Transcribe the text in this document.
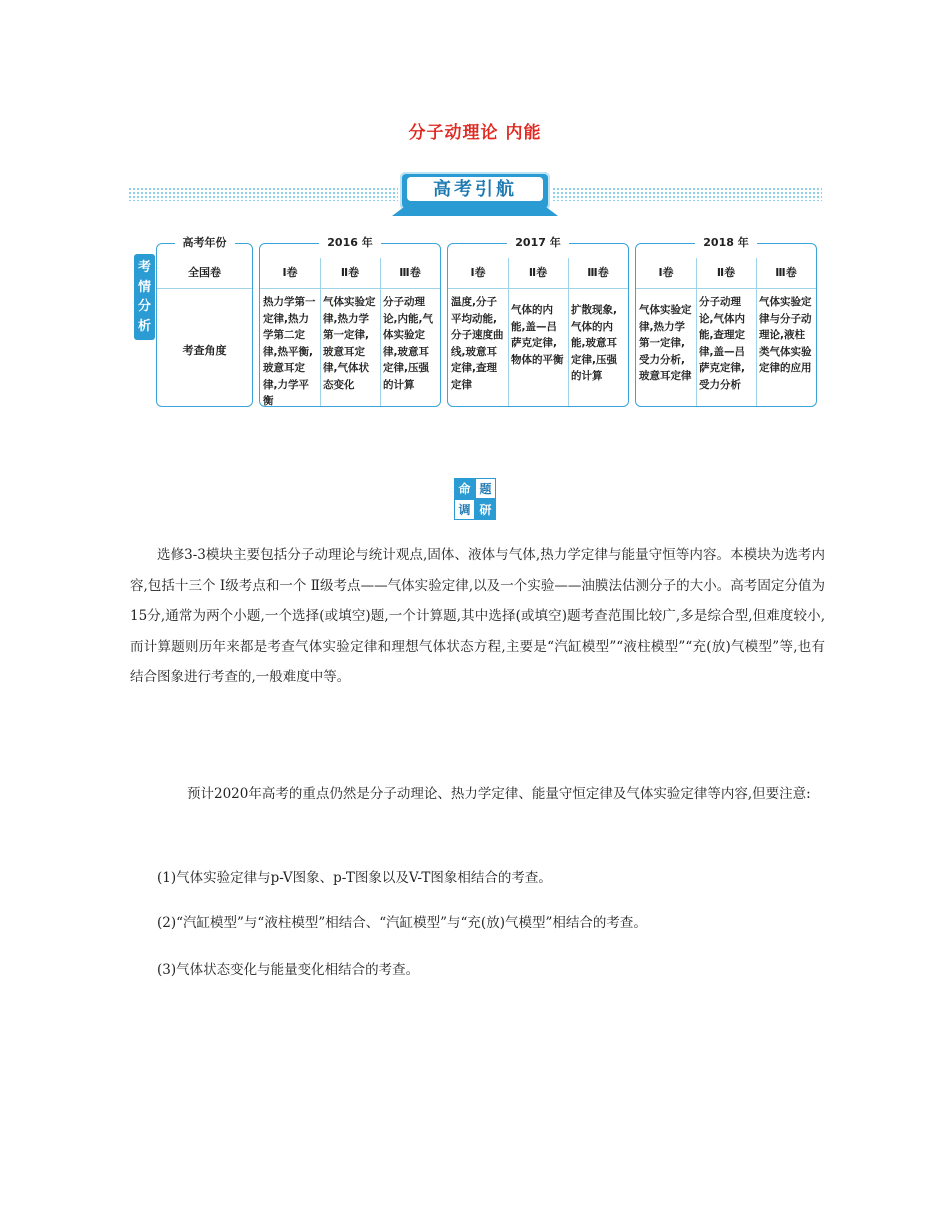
分子动理论 内能
高考引航
考
情
分
析
高考年份
全国卷
考查角度
2016 年
Ⅰ卷
热力学第一定律,热力学第二定律,热平衡,玻意耳定律,力学平衡
Ⅱ卷
气体实验定律,热力学第一定律,玻意耳定律,气体状态变化
Ⅲ卷
分子动理论,内能,气体实验定律,玻意耳定律,压强的计算
2017 年
Ⅰ卷
温度,分子平均动能,分子速度曲线,玻意耳定律,查理定律
Ⅱ卷
气体的内能,盖—吕萨克定律,物体的平衡
Ⅲ卷
扩散现象,气体的内能,玻意耳定律,压强的计算
2018 年
Ⅰ卷
气体实验定律,热力学第一定律,受力分析,玻意耳定律
Ⅱ卷
分子动理论,气体内能,查理定律,盖—吕萨克定律,受力分析
Ⅲ卷
气体实验定律与分子动理论,液柱类气体实验定律的应用
命 题
调 研
选修3-3模块主要包括分子动理论与统计观点,固体、液体与气体,热力学定律与能量守恒等内容。本模块为选考内容,包括十三个 Ⅰ级考点和一个 Ⅱ级考点——气体实验定律,以及一个实验——油膜法估测分子的大小。高考固定分值为15分,通常为两个小题,一个选择(或填空)题,一个计算题,其中选择(或填空)题考查范围比较广,多是综合型,但难度较小,而计算题则历年来都是考查气体实验定律和理想气体状态方程,主要是“汽缸模型”“液柱模型”“充(放)气模型”等,也有结合图象进行考查的,一般难度中等。
预计2020年高考的重点仍然是分子动理论、热力学定律、能量守恒定律及气体实验定律等内容,但要注意:
(1)气体实验定律与p-V图象、p-T图象以及V-T图象相结合的考查。
(2)“汽缸模型”与“液柱模型”相结合、“汽缸模型”与“充(放)气模型”相结合的考查。
(3)气体状态变化与能量变化相结合的考查。
